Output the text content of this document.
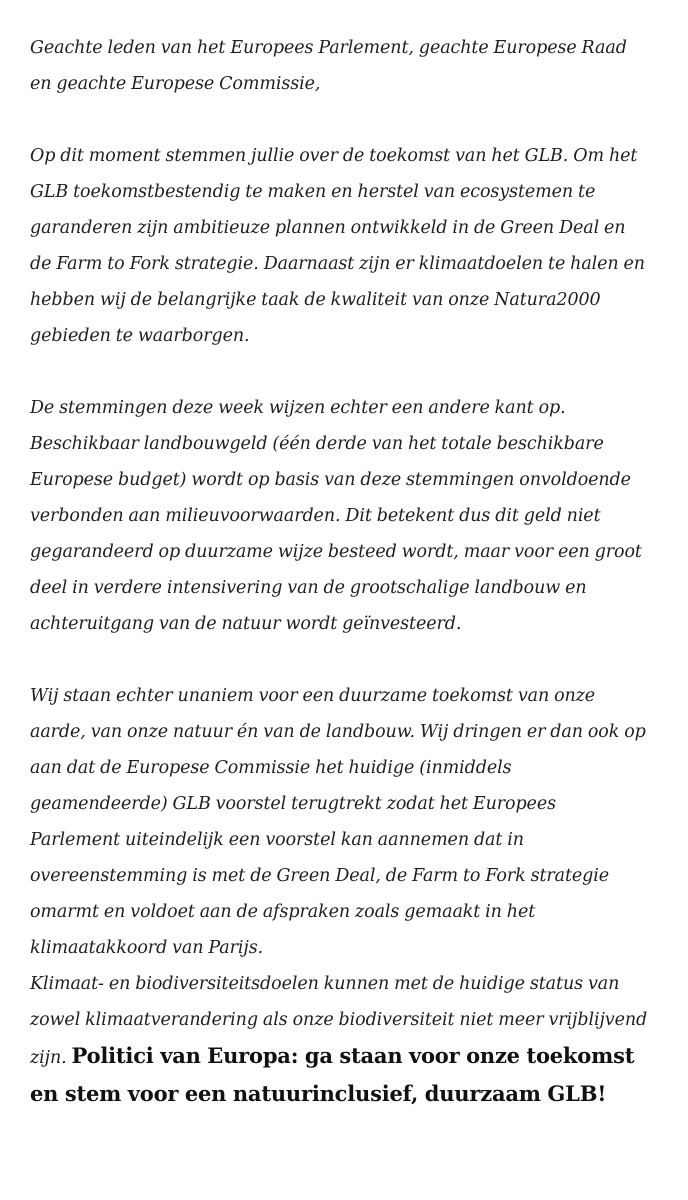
Geachte leden van het Europees Parlement, geachte Europese Raad en geachte Europese Commissie,

Op dit moment stemmen jullie over de toekomst van het GLB. Om het GLB toekomstbestendig te maken en herstel van ecosystemen te garanderen zijn ambitieuze plannen ontwikkeld in de Green Deal en de Farm to Fork strategie. Daarnaast zijn er klimaatdoelen te halen en hebben wij de belangrijke taak de kwaliteit van onze Natura2000 gebieden te waarborgen.

De stemmingen deze week wijzen echter een andere kant op. Beschikbaar landbouwgeld (één derde van het totale beschikbare Europese budget) wordt op basis van deze stemmingen onvoldoende verbonden aan milieuvoorwaarden. Dit betekent dus dit geld niet gegarandeerd op duurzame wijze besteed wordt, maar voor een groot deel in verdere intensivering van de grootschalige landbouw en achteruitgang van de natuur wordt geïnvesteerd.

Wij staan echter unaniem voor een duurzame toekomst van onze aarde, van onze natuur én van de landbouw. Wij dringen er dan ook op aan dat de Europese Commissie het huidige (inmiddels geamendeerde) GLB voorstel terugtrekt zodat het Europees Parlement uiteindelijk een voorstel kan aannemen dat in overeenstemming is met de Green Deal, de Farm to Fork strategie omarmt en voldoet aan de afspraken zoals gemaakt in het klimaatakkoord van Parijs.

Klimaat- en biodiversiteitsdoelen kunnen met de huidige status van zowel klimaatverandering als onze biodiversiteit niet meer vrijblijvend zijn. Politici van Europa: ga staan voor onze toekomst en stem voor een natuurinclusief, duurzaam GLB!
